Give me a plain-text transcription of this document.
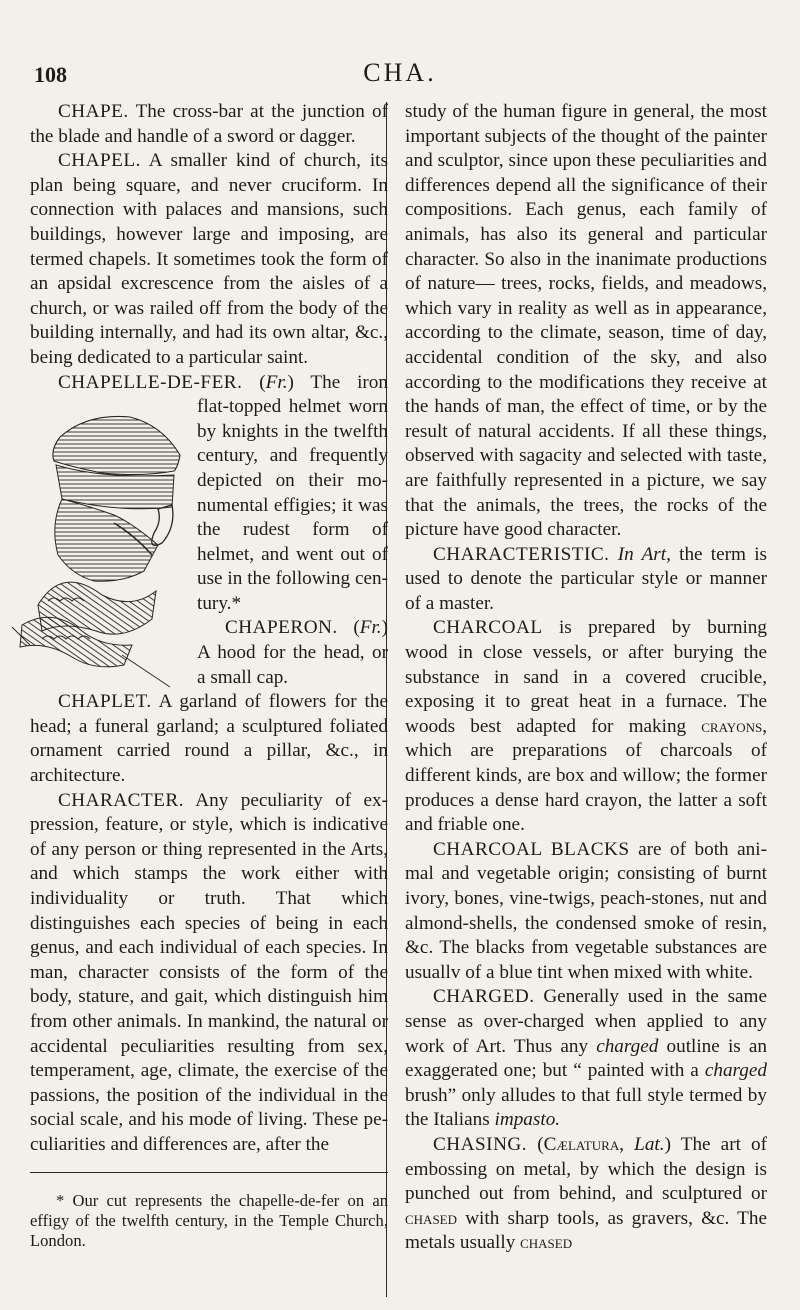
108	CHA.

CHAPE. The cross-bar at the junction of the blade and handle of a sword or dagger.

CHAPEL. A smaller kind of church, its plan being square, and never cruciform. In connection with palaces and mansions, such buildings, however large and imposing, are termed chapels. It sometimes took the form of an apsidal excrescence from the aisles of a church, or was railed off from the body of the building internally, and had its own altar, &c., being dedicated to a particular saint.

CHAPELLE-DE-FER. (Fr.)
The iron flat-topped helmet worn by knights in the twelfth century, and frequently depicted on their monumental effigies; it was the rudest form of helmet, and went out of use in the following century.*

CHAPERON. (Fr.) A hood for the head, or a small cap.

CHAPLET. A garland of flowers for the head; a funeral garland; a sculptured foliated ornament carried round a pillar, &c., in architecture.

CHARACTER. Any peculiarity of expression, feature, or style, which is indicative of any person or thing represented in the Arts, and which stamps the work either with individuality or truth. That which distinguishes each species of being in each genus, and each individual of each species. In man, character consists of the form of the body, stature, and gait, which distinguish him from other animals. In mankind, the natural or accidental peculiarities resulting from sex, temperament, age, climate, the exercise of the passions, the position of the individual in the social scale, and his mode of living. These peculiarities and differences are, after the

* Our cut represents the chapelle-de-fer on an effigy of the twelfth century, in the Temple Church, London.

study of the human figure in general, the most important subjects of the thought of the painter and sculptor, since upon these peculiarities and differences depend all the significance of their compositions. Each genus, each family of animals, has also its general and particular character. So also in the inanimate productions of nature— trees, rocks, fields, and meadows, which vary in reality as well as in appearance, according to the climate, season, time of day, accidental condition of the sky, and also according to the modifications they receive at the hands of man, the effect of time, or by the result of natural accidents. If all these things, observed with sagacity and selected with taste, are faithfully represented in a picture, we say that the animals, the trees, the rocks of the picture have good character.

CHARACTERISTIC. In Art, the term is used to denote the particular style or manner of a master.

CHARCOAL is prepared by burning wood in close vessels, or after burying the substance in sand in a covered crucible, exposing it to great heat in a furnace. The woods best adapted for making crayons, which are preparations of charcoals of different kinds, are box and willow; the former produces a dense hard crayon, the latter a soft and friable one.

CHARCOAL BLACKS are of both animal and vegetable origin; consisting of burnt ivory, bones, vine-twigs, peach-stones, nut and almond-shells, the condensed smoke of resin, &c. The blacks from vegetable substances are usuallv of a blue tint when mixed with white.

CHARGED. Generally used in the same sense as over-charged when applied to any work of Art. Thus any charged outline is an exaggerated one; but “ painted with a charged brush” only alludes to that full style termed by the Italians impasto.

CHASING. (Cælatura, Lat.) The art of embossing on metal, by which the design is punched out from behind, and sculptured or chased with sharp tools, as gravers, &c. The metals usually chased
